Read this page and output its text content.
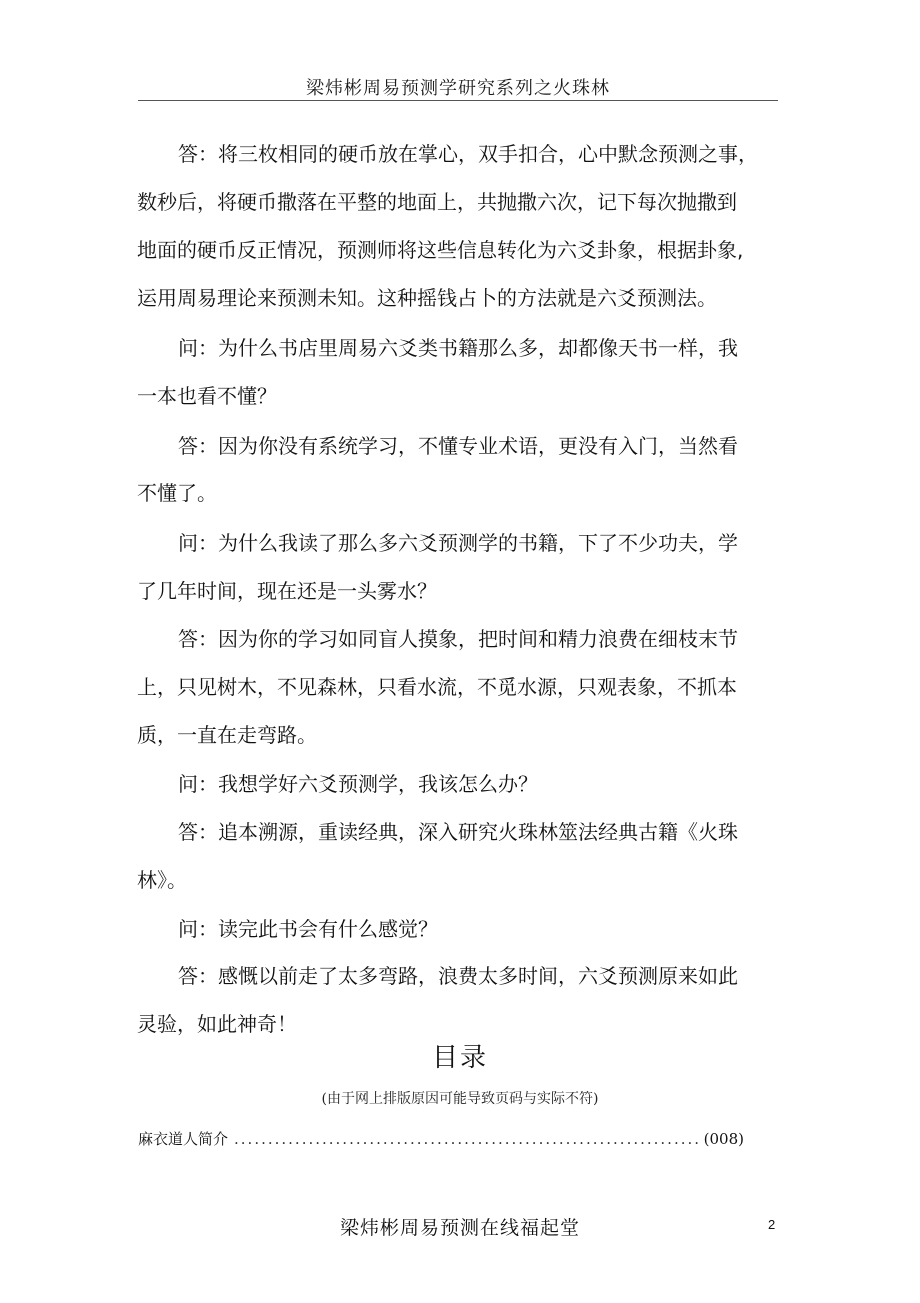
梁炜彬周易预测学研究系列之火珠林
答：将三枚相同的硬币放在掌心，双手扣合，心中默念预测之事，
数秒后，将硬币撒落在平整的地面上，共抛撒六次，记下每次抛撒到
地面的硬币反正情况，预测师将这些信息转化为六爻卦象，根据卦象,
运用周易理论来预测未知。这种摇钱占卜的方法就是六爻预测法。
问：为什么书店里周易六爻类书籍那么多，却都像天书一样，我
一本也看不懂？
答：因为你没有系统学习，不懂专业术语，更没有入门，当然看
不懂了。
问：为什么我读了那么多六爻预测学的书籍，下了不少功夫，学
了几年时间，现在还是一头雾水？
答：因为你的学习如同盲人摸象，把时间和精力浪费在细枝末节
上，只见树木，不见森林，只看水流，不觅水源，只观表象，不抓本
质，一直在走弯路。
问：我想学好六爻预测学，我该怎么办？
答：追本溯源，重读经典，深入研究火珠林筮法经典古籍《火珠
林》。
问：读完此书会有什么感觉？
答：感慨以前走了太多弯路，浪费太多时间，六爻预测原来如此
灵验，如此神奇！
目录
(由于网上排版原因可能导致页码与实际不符)
麻衣道人简介
.....	(008)
梁炜彬周易预测在线福起堂	2
